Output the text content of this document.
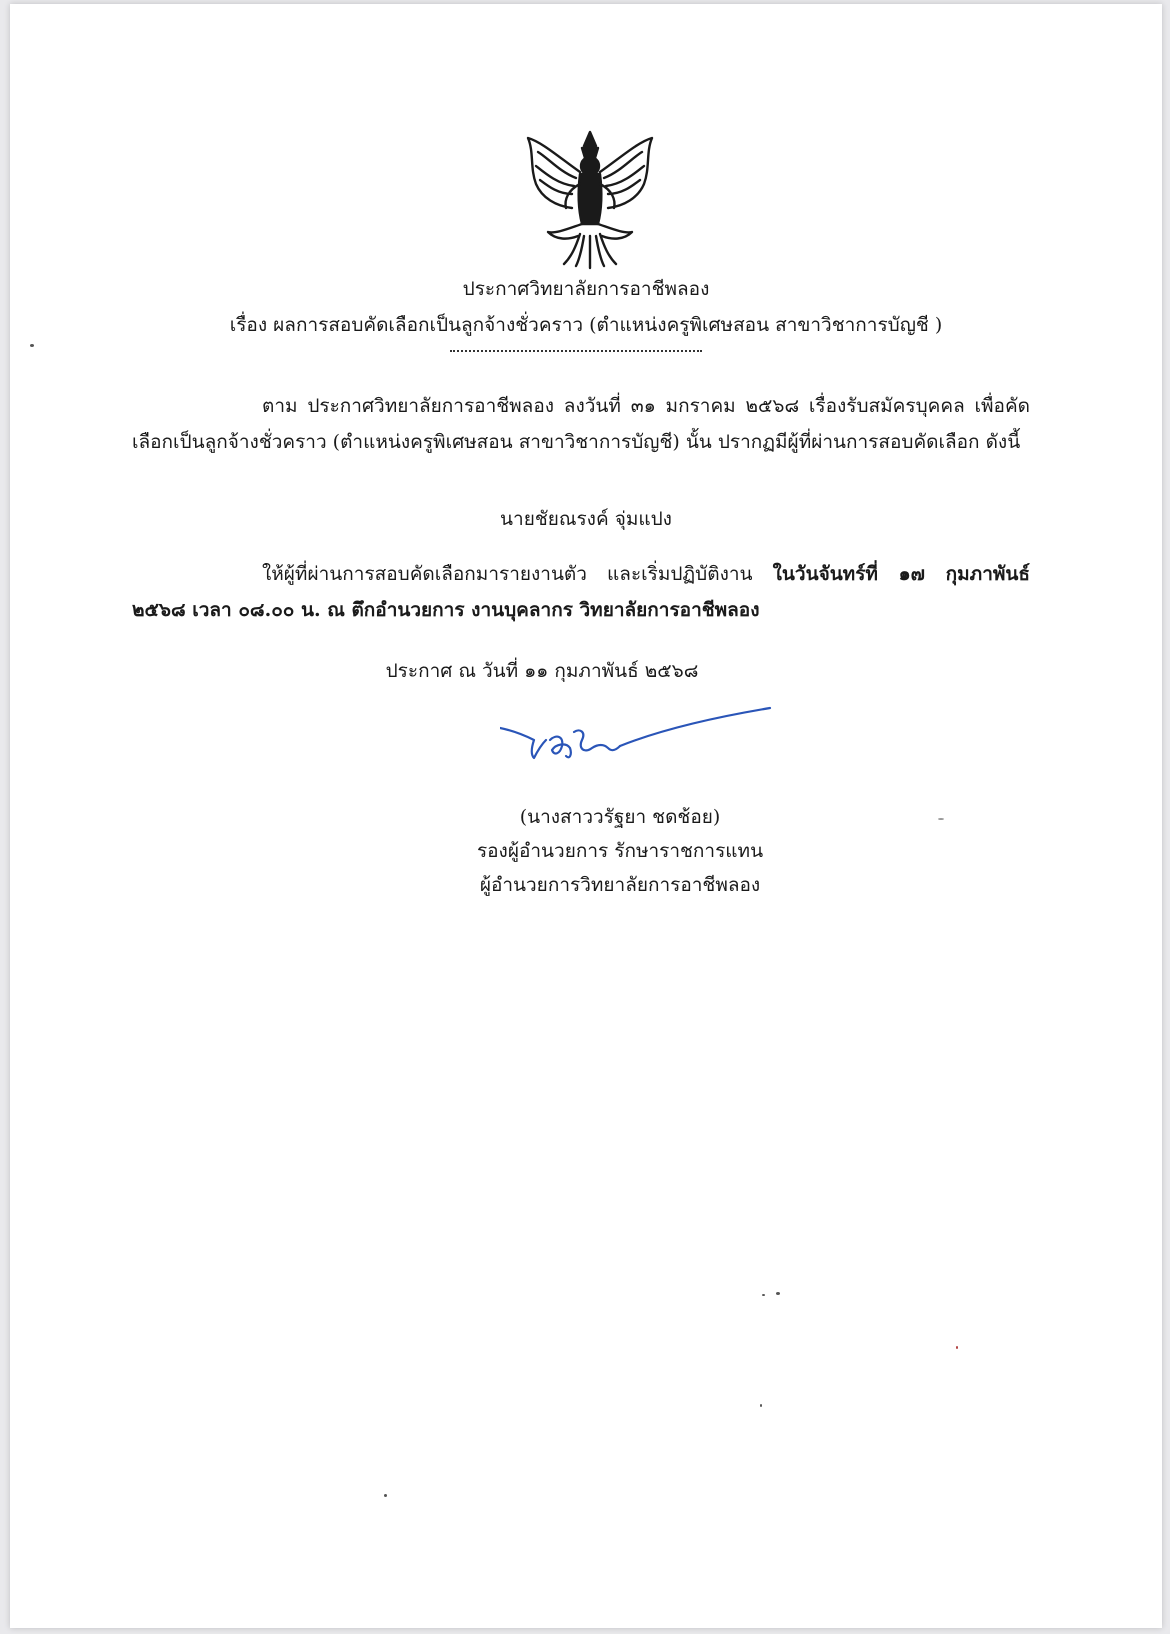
ประกาศวิทยาลัยการอาชีพลอง
เรื่อง ผลการสอบคัดเลือกเป็นลูกจ้างชั่วคราว (ตำแหน่งครูพิเศษสอน สาขาวิชาการบัญชี )
ตาม ประกาศวิทยาลัยการอาชีพลอง ลงวันที่ ๓๑ มกราคม ๒๕๖๘ เรื่องรับสมัครบุคคล เพื่อคัดเลือกเป็นลูกจ้างชั่วคราว (ตำแหน่งครูพิเศษสอน สาขาวิชาการบัญชี) นั้น ปรากฏมีผู้ที่ผ่านการสอบคัดเลือก ดังนี้
นายชัยณรงค์ จุ่มแปง
ให้ผู้ที่ผ่านการสอบคัดเลือกมารายงานตัว และเริ่มปฏิบัติงาน ในวันจันทร์ที่ ๑๗ กุมภาพันธ์ ๒๕๖๘ เวลา ๐๘.๐๐ น. ณ ตึกอำนวยการ งานบุคลากร วิทยาลัยการอาชีพลอง
ประกาศ ณ วันที่ ๑๑ กุมภาพันธ์ ๒๕๖๘
(นางสาววรัฐยา ชดช้อย)
รองผู้อำนวยการ รักษาราชการแทน
ผู้อำนวยการวิทยาลัยการอาชีพลอง
